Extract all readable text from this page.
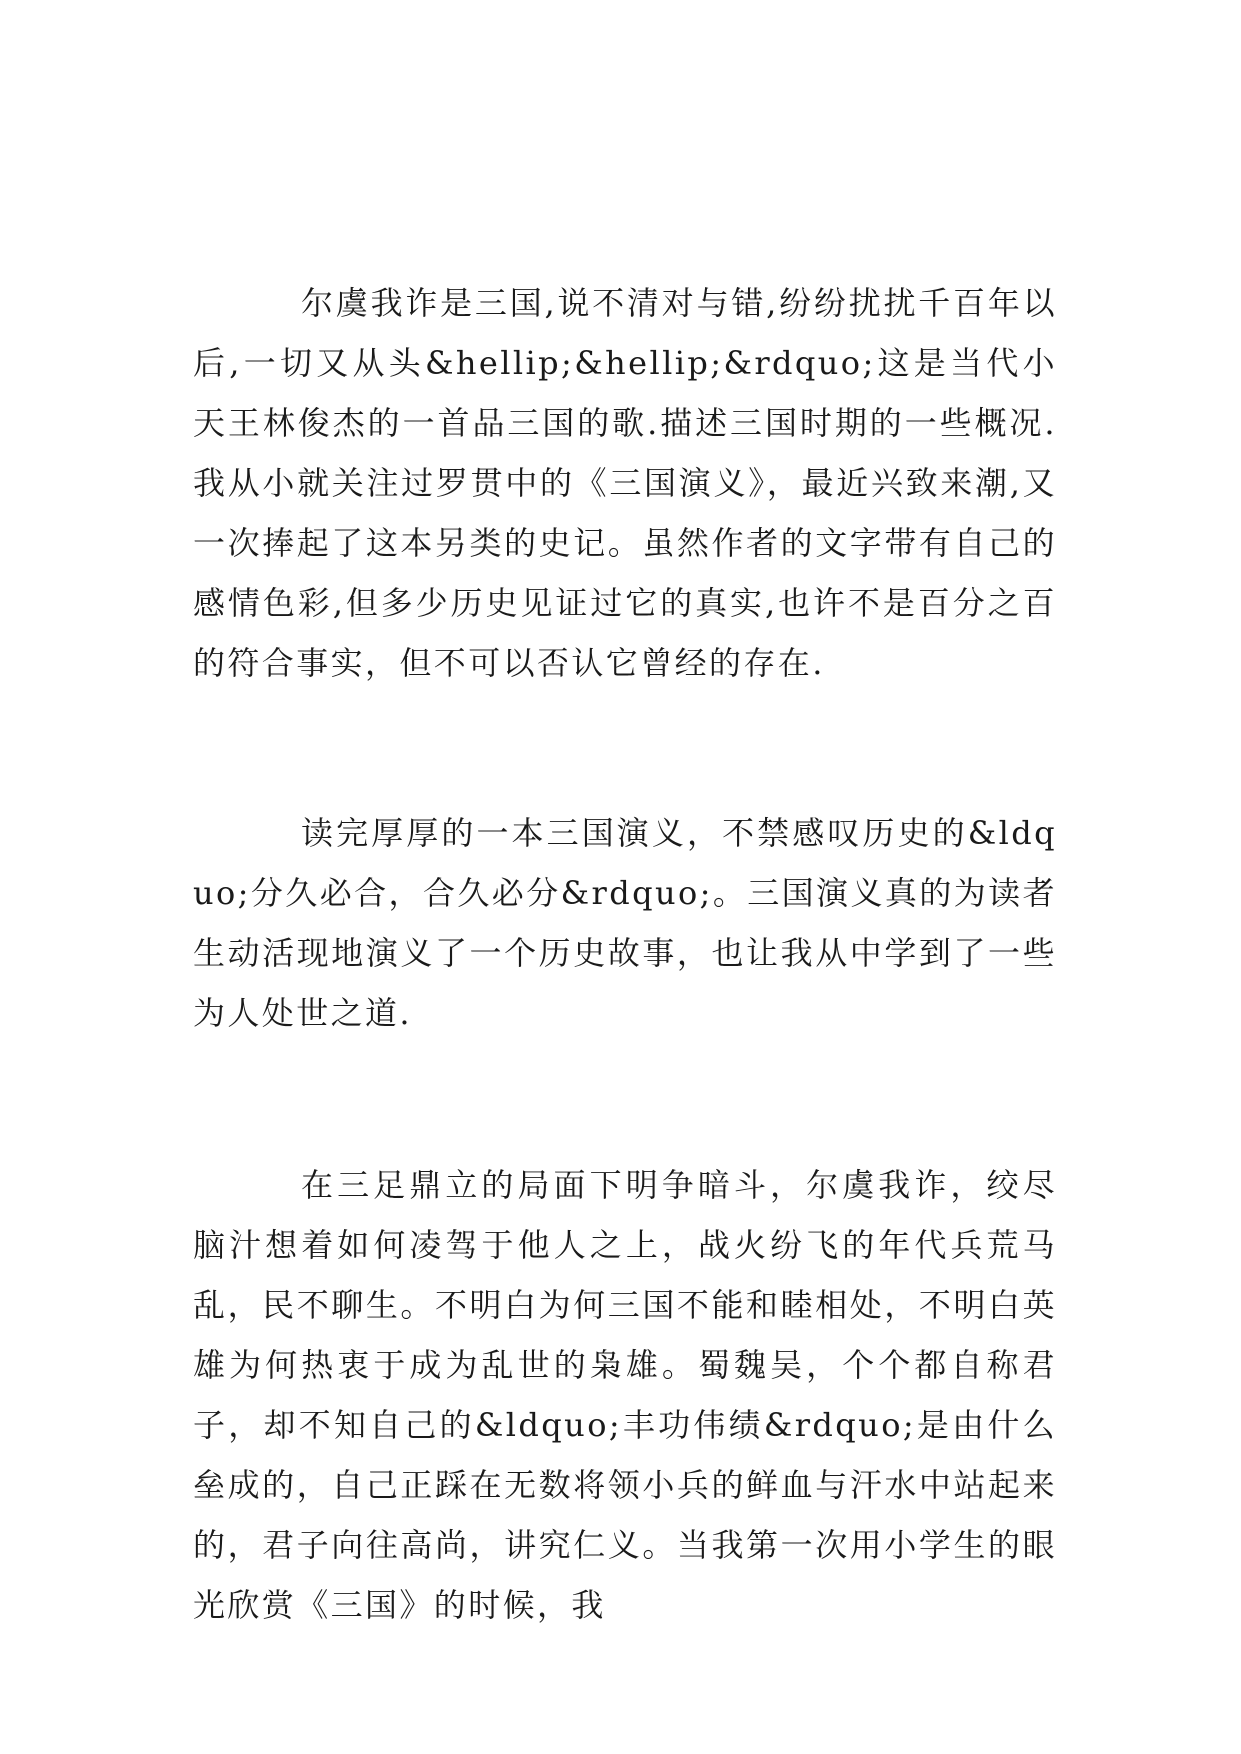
尔虞我诈是三国,说不清对与错,纷纷扰扰千百年以后,一切又从头&hellip;&hellip;&rdquo;这是当代小天王林俊杰的一首品三国的歌.描述三国时期的一些概况. 我从小就关注过罗贯中的《三国演义》，最近兴致来潮,又一次捧起了这本另类的史记。虽然作者的文字带有自己的感情色彩,但多少历史见证过它的真实,也许不是百分之百的符合事实，但不可以否认它曾经的存在.

读完厚厚的一本三国演义，不禁感叹历史的&ldquo;分久必合，合久必分&rdquo;。三国演义真的为读者生动活现地演义了一个历史故事，也让我从中学到了一些为人处世之道.

在三足鼎立的局面下明争暗斗，尔虞我诈，绞尽脑汁想着如何凌驾于他人之上，战火纷飞的年代兵荒马乱，民不聊生。不明白为何三国不能和睦相处，不明白英雄为何热衷于成为乱世的枭雄。蜀魏吴，个个都自称君子，却不知自己的&ldquo;丰功伟绩&rdquo;是由什么垒成的，自己正踩在无数将领小兵的鲜血与汗水中站起来的，君子向往高尚，讲究仁义。当我第一次用小学生的眼光欣赏《三国》的时候，我
